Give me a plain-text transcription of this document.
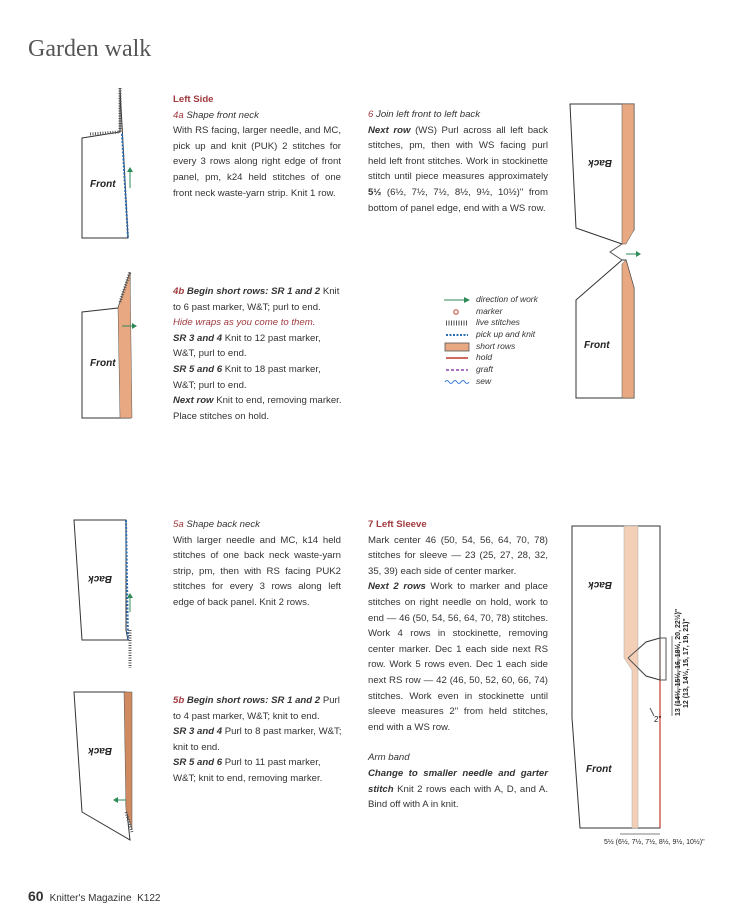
Garden walk
Front
Front
Back
Back
Back
Front
Back
Front
2"
13 (14½, 15½, 16, 18½, 20, 22½)" 12 (13, 14½, 15, 17, 19, 21)"
5½ (6½, 7½, 7½, 8½, 9½, 10½)"

Left Side

4a Shape front neck

With RS facing, larger needle, and MC, pick up and knit (PUK) 2 stitches for every 3 rows along right edge of front panel, pm, k24 held stitches of one front neck waste-yarn strip. Knit 1 row.

4b Begin short rows: SR 1 and 2 Knit to 6 past marker, W&T; purl to end.

Hide wraps as you come to them.

SR 3 and 4 Knit to 12 past marker, W&T, purl to end.

SR 5 and 6 Knit to 18 past marker, W&T; purl to end.

Next row Knit to end, removing marker. Place stitches on hold.

5a Shape back neck

With larger needle and MC, k14 held stitches of one back neck waste-yarn strip, pm, then with RS facing PUK2 stitches for every 3 rows along left edge of back panel. Knit 2 rows.

5b Begin short rows: SR 1 and 2 Purl to 4 past marker, W&T; knit to end.

SR 3 and 4 Purl to 8 past marker, W&T; knit to end.

SR 5 and 6 Purl to 11 past marker, W&T; knit to end, removing marker.

6 Join left front to left back

Next row (WS) Purl across all left back stitches, pm, then with WS facing purl held left front stitches. Work in stockinette stitch until piece measures approximately 5½ (6½, 7½, 7½, 8½, 9½, 10½)" from bottom of panel edge, end with a WS row.

direction of work
marker
live stitches
pick up and knit
short rows
hold
graft
sew

7 Left Sleeve

Mark center 46 (50, 54, 56, 64, 70, 78) stitches for sleeve — 23 (25, 27, 28, 32, 35, 39) each side of center marker.

Next 2 rows Work to marker and place stitches on right needle on hold, work to end — 46 (50, 54, 56, 64, 70, 78) stitches. Work 4 rows in stockinette, removing center marker. Dec 1 each side next RS row. Work 5 rows even. Dec 1 each side next RS row — 42 (46, 50, 52, 60, 66, 74) stitches. Work even in stockinette until sleeve measures 2" from held stitches, end with a WS row.

Arm band

Change to smaller needle and garter stitch Knit 2 rows each with A, D, and A. Bind off with A in knit.

60 Knitter's Magazine K122
